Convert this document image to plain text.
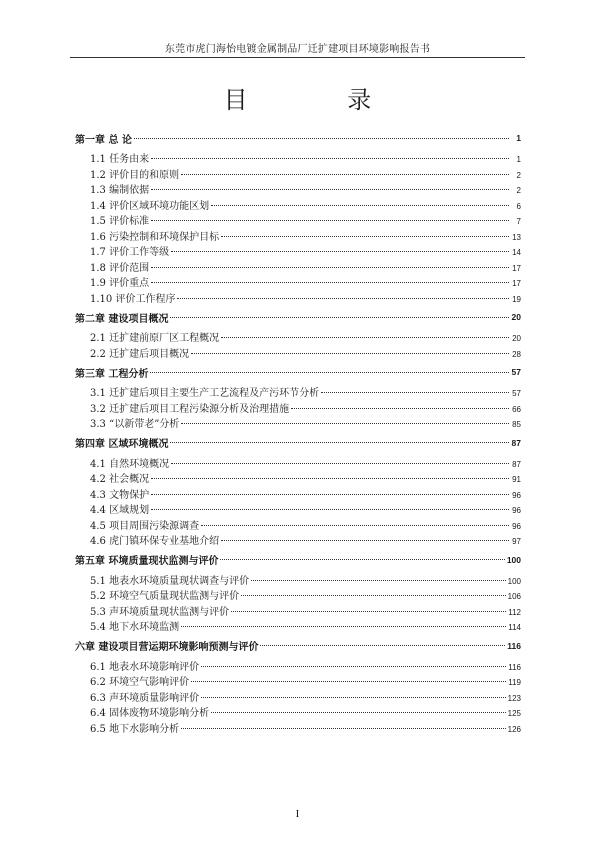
东莞市虎门海怡电镀金属制品厂迁扩建项目环境影响报告书
目 录
第一章 总 论	1
1.1 任务由来	1
1.2 评价目的和原则	2
1.3 编制依据	2
1.4 评价区域环境功能区划	6
1.5 评价标准	7
1.6 污染控制和环境保护目标	13
1.7 评价工作等级	14
1.8 评价范围	17
1.9 评价重点	17
1.10 评价工作程序	19
第二章 建设项目概况	20
2.1 迁扩建前原厂区工程概况	20
2.2 迁扩建后项目概况	28
第三章 工程分析	57
3.1 迁扩建后项目主要生产工艺流程及产污环节分析	57
3.2 迁扩建后项目工程污染源分析及治理措施	66
3.3 “以新带老”分析	85
第四章 区域环境概况	87
4.1 自然环境概况	87
4.2 社会概况	91
4.3 文物保护	96
4.4 区域规划	96
4.5 项目周围污染源调查	96
4.6 虎门镇环保专业基地介绍	97
第五章 环境质量现状监测与评价	100
5.1 地表水环境质量现状调查与评价	100
5.2 环境空气质量现状监测与评价	106
5.3 声环境质量现状监测与评价	112
5.4 地下水环境监测	114
六章 建设项目营运期环境影响预测与评价	116
6.1 地表水环境影响评价	116
6.2 环境空气影响评价	119
6.3 声环境质量影响评价	123
6.4 固体废物环境影响分析	125
6.5 地下水影响分析	126
I
